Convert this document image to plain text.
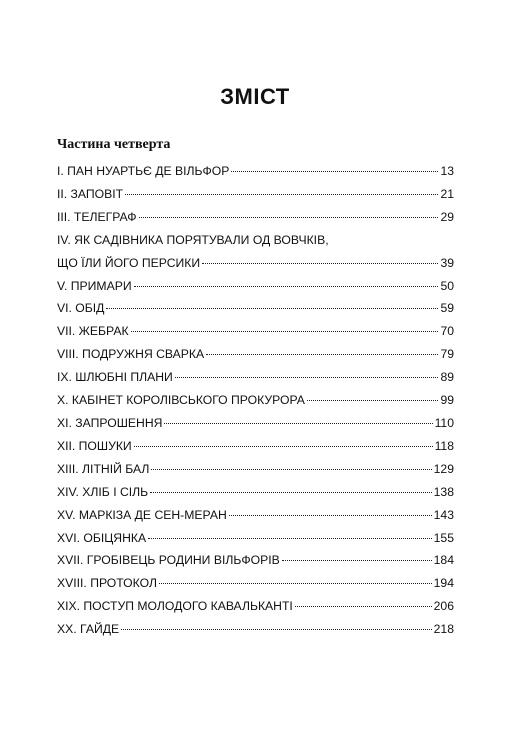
ЗМІСТ
Частина четверта
І. ПАН НУАРТЬЄ ДЕ ВІЛЬФОР	13
ІІ. ЗАПОВІТ	21
ІІІ. ТЕЛЕГРАФ	29
IV. ЯК САДІВНИКА ПОРЯТУВАЛИ ОД ВОВЧКІВ,
ЩО ЇЛИ ЙОГО ПЕРСИКИ	39
V. ПРИМАРИ	50
VI. ОБІД	59
VII. ЖЕБРАК	70
VIII. ПОДРУЖНЯ СВАРКА	79
IX. ШЛЮБНІ ПЛАНИ	89
X. КАБІНЕТ КОРОЛІВСЬКОГО ПРОКУРОРА	99
XI. ЗАПРОШЕННЯ	110
XII. ПОШУКИ	118
XIII. ЛІТНІЙ БАЛ	129
XIV. ХЛІБ І СІЛЬ	138
XV. МАРКІЗА ДЕ СЕН-МЕРАН	143
XVI. ОБІЦЯНКА	155
XVII. ГРОБІВЕЦЬ РОДИНИ ВІЛЬФОРІВ	184
XVIII. ПРОТОКОЛ	194
XIX. ПОСТУП МОЛОДОГО КАВАЛЬКАНТІ	206
XX. ГАЙДЕ	218
